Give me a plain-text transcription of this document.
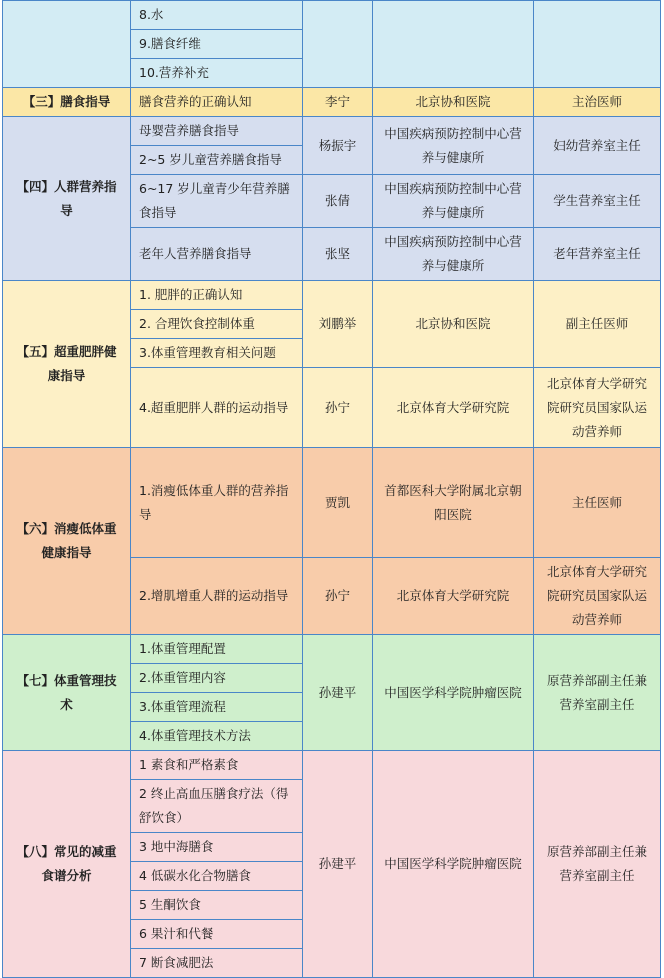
	8.水			
	9.膳食纤维			
	10.营养补充			
【三】膳食指导	膳食营养的正确认知	李宁	北京协和医院	主治医师
【四】人群营养指导	母婴营养膳食指导	杨振宇	中国疾病预防控制中心营养与健康所	妇幼营养室主任
	2~5 岁儿童营养膳食指导			
	6~17 岁儿童青少年营养膳食指导	张倩	中国疾病预防控制中心营养与健康所	学生营养室主任
	老年人营养膳食指导	张坚	中国疾病预防控制中心营养与健康所	老年营养室主任
【五】超重肥胖健康指导	1. 肥胖的正确认知	刘鹏举	北京协和医院	副主任医师
	2. 合理饮食控制体重			
	3.体重管理教育相关问题			
	4.超重肥胖人群的运动指导	孙宁	北京体育大学研究院	北京体育大学研究院研究员国家队运动营养师
【六】消瘦低体重健康指导	1.消瘦低体重人群的营养指导	贾凯	首都医科大学附属北京朝阳医院	主任医师
	2.增肌增重人群的运动指导	孙宁	北京体育大学研究院	北京体育大学研究院研究员国家队运动营养师
【七】体重管理技术	1.体重管理配置	孙建平	中国医学科学院肿瘤医院	原营养部副主任兼营养室副主任
	2.体重管理内容			
	3.体重管理流程			
	4.体重管理技术方法			
【八】常见的减重食谱分析	1 素食和严格素食	孙建平	中国医学科学院肿瘤医院	原营养部副主任兼营养室副主任
	2 终止高血压膳食疗法（得舒饮食）			
	3 地中海膳食			
	4 低碳水化合物膳食			
	5 生酮饮食			
	6 果汁和代餐			
	7 断食减肥法			
